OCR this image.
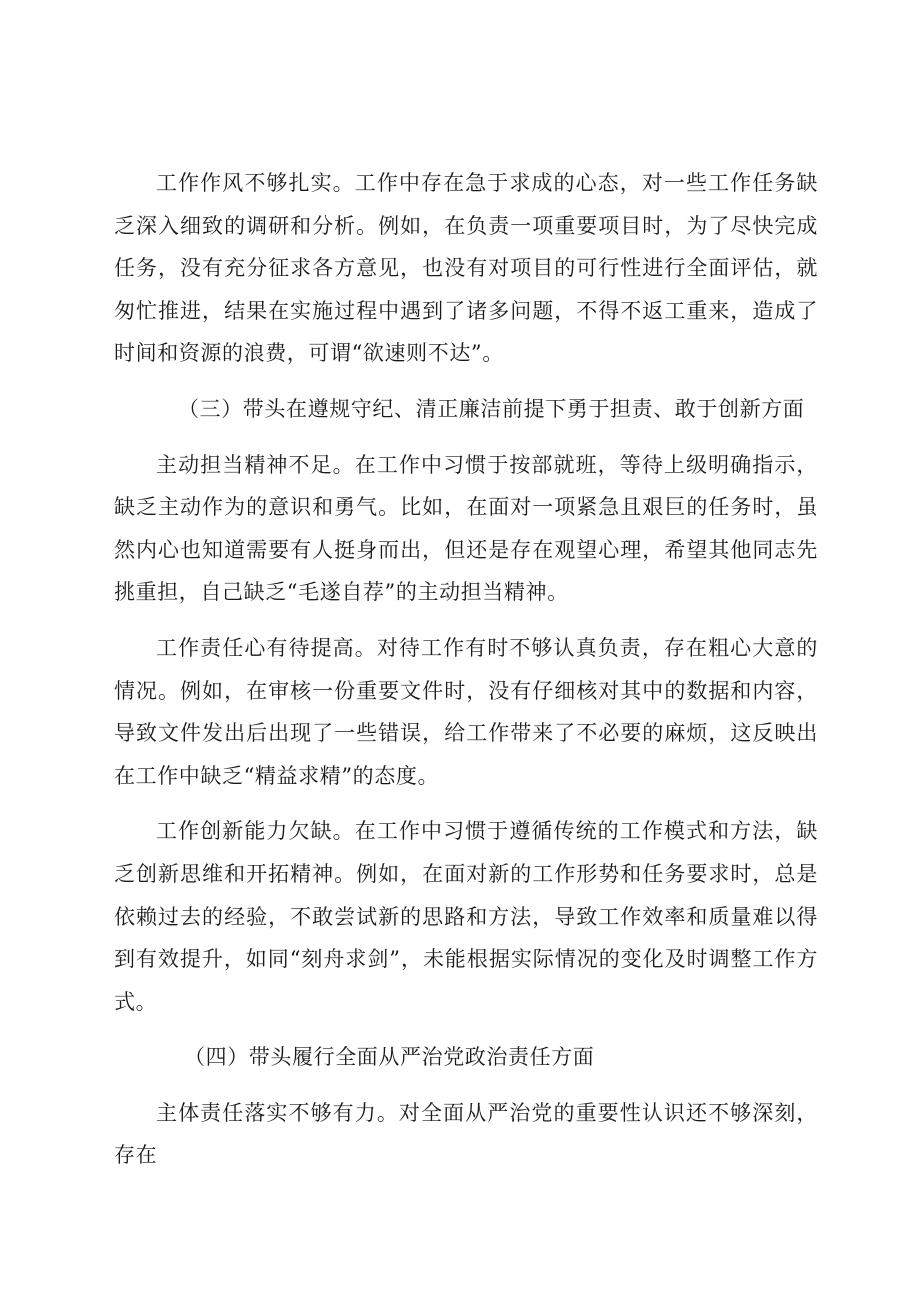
工作作风不够扎实。工作中存在急于求成的心态，对一些工作任务缺乏深入细致的调研和分析。例如，在负责一项重要项目时，为了尽快完成任务，没有充分征求各方意见，也没有对项目的可行性进行全面评估，就匆忙推进，结果在实施过程中遇到了诸多问题，不得不返工重来，造成了时间和资源的浪费，可谓“欲速则不达”。

（三）带头在遵规守纪、清正廉洁前提下勇于担责、敢于创新方面

主动担当精神不足。在工作中习惯于按部就班，等待上级明确指示，缺乏主动作为的意识和勇气。比如，在面对一项紧急且艰巨的任务时，虽然内心也知道需要有人挺身而出，但还是存在观望心理，希望其他同志先挑重担，自己缺乏“毛遂自荐”的主动担当精神。

工作责任心有待提高。对待工作有时不够认真负责，存在粗心大意的情况。例如，在审核一份重要文件时，没有仔细核对其中的数据和内容，导致文件发出后出现了一些错误，给工作带来了不必要的麻烦，这反映出在工作中缺乏“精益求精”的态度。

工作创新能力欠缺。在工作中习惯于遵循传统的工作模式和方法，缺乏创新思维和开拓精神。例如，在面对新的工作形势和任务要求时，总是依赖过去的经验，不敢尝试新的思路和方法，导致工作效率和质量难以得到有效提升，如同“刻舟求剑”，未能根据实际情况的变化及时调整工作方式。

（四）带头履行全面从严治党政治责任方面

主体责任落实不够有力。对全面从严治党的重要性认识还不够深刻，存在
